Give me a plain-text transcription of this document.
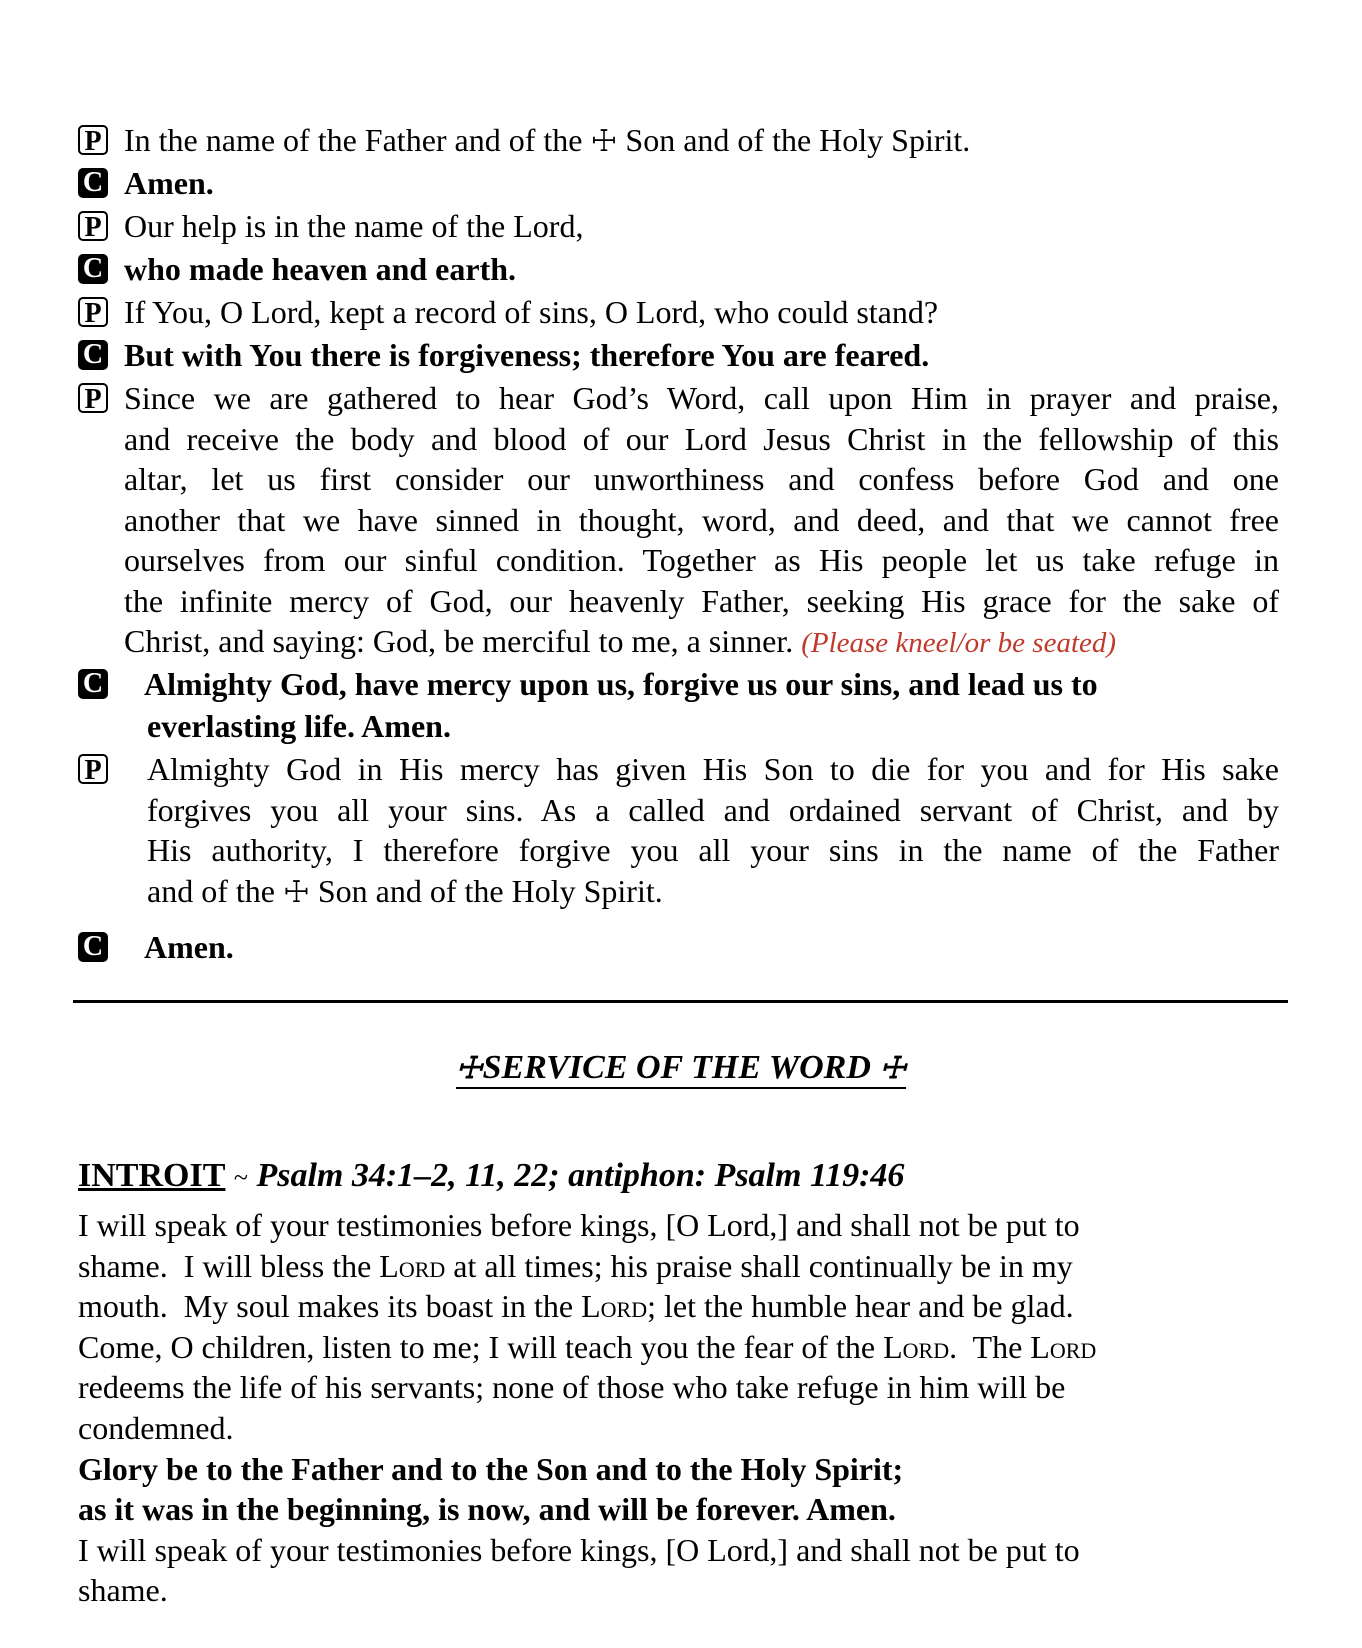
P In the name of the Father and of the ☩ Son and of the Holy Spirit.
C Amen.
P Our help is in the name of the Lord,
C who made heaven and earth.
P If You, O Lord, kept a record of sins, O Lord, who could stand?
C But with You there is forgiveness; therefore You are feared.
P Since we are gathered to hear God’s Word, call upon Him in prayer and praise,
and receive the body and blood of our Lord Jesus Christ in the fellowship of this
altar, let us first consider our unworthiness and confess before God and one
another that we have sinned in thought, word, and deed, and that we cannot free
ourselves from our sinful condition. Together as His people let us take refuge in
the infinite mercy of God, our heavenly Father, seeking His grace for the sake of
Christ, and saying: God, be merciful to me, a sinner. (Please kneel/or be seated)
C Almighty God, have mercy upon us, forgive us our sins, and lead us to
everlasting life. Amen.
P Almighty God in His mercy has given His Son to die for you and for His sake
forgives you all your sins. As a called and ordained servant of Christ, and by
His authority, I therefore forgive you all your sins in the name of the Father
and of the ☩ Son and of the Holy Spirit.
C Amen.
☩SERVICE OF THE WORD ☩
INTROIT ~ Psalm 34:1–2, 11, 22; antiphon: Psalm 119:46
I will speak of your testimonies before kings, [O Lord,] and shall not be put to
shame.  I will bless the Lord at all times; his praise shall continually be in my
mouth.  My soul makes its boast in the Lord; let the humble hear and be glad.
Come, O children, listen to me; I will teach you the fear of the Lord.  The Lord
redeems the life of his servants; none of those who take refuge in him will be
condemned.
Glory be to the Father and to the Son and to the Holy Spirit;
as it was in the beginning, is now, and will be forever. Amen.
I will speak of your testimonies before kings, [O Lord,] and shall not be put to
shame.
